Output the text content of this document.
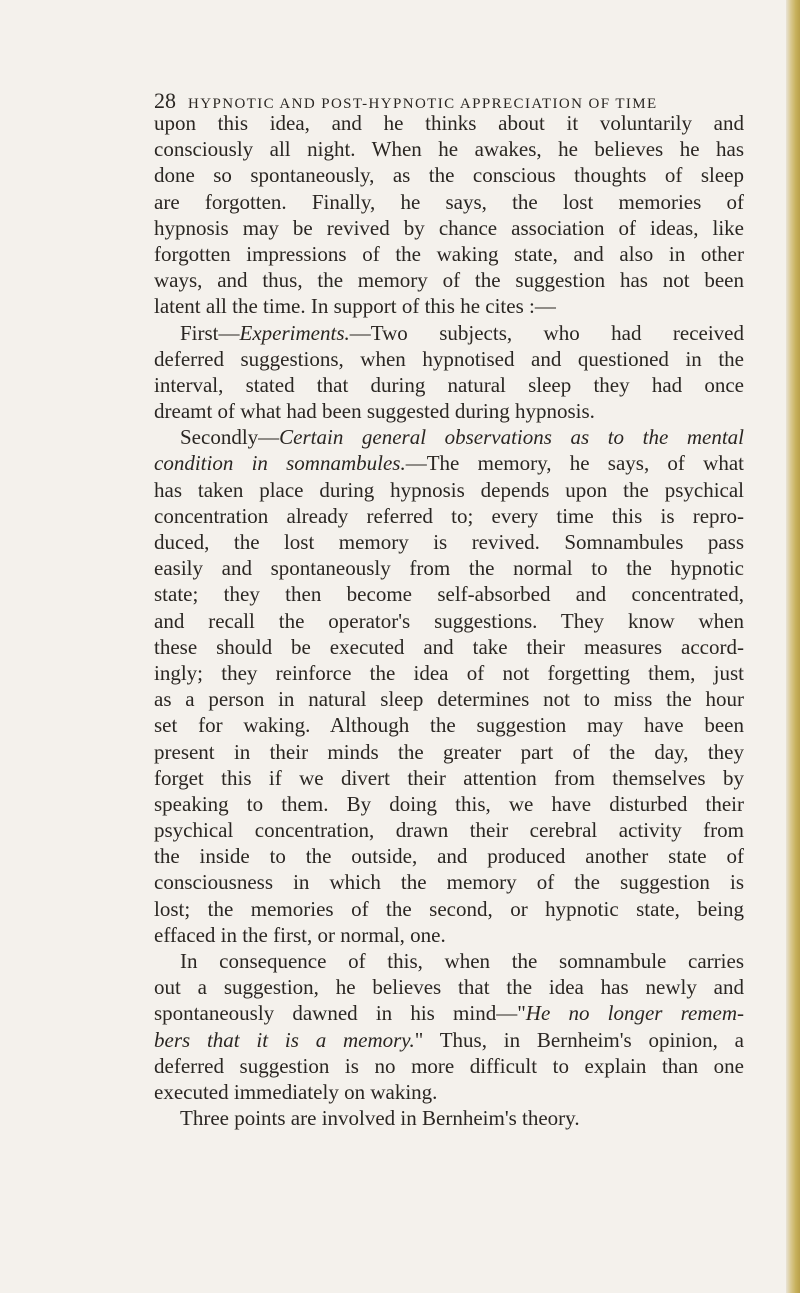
28 HYPNOTIC AND POST-HYPNOTIC APPRECIATION OF TIME
upon this idea, and he thinks about it voluntarily and
consciously all night. When he awakes, he believes he has
done so spontaneously, as the conscious thoughts of sleep
are forgotten. Finally, he says, the lost memories of
hypnosis may be revived by chance association of ideas, like
forgotten impressions of the waking state, and also in other
ways, and thus, the memory of the suggestion has not been
latent all the time. In support of this he cites :—
First—Experiments.—Two subjects, who had received
deferred suggestions, when hypnotised and questioned in the
interval, stated that during natural sleep they had once
dreamt of what had been suggested during hypnosis.
Secondly—Certain general observations as to the mental
condition in somnambules.—The memory, he says, of what
has taken place during hypnosis depends upon the psychical
concentration already referred to; every time this is repro-
duced, the lost memory is revived. Somnambules pass
easily and spontaneously from the normal to the hypnotic
state; they then become self-absorbed and concentrated,
and recall the operator's suggestions. They know when
these should be executed and take their measures accord-
ingly; they reinforce the idea of not forgetting them, just
as a person in natural sleep determines not to miss the hour
set for waking. Although the suggestion may have been
present in their minds the greater part of the day, they
forget this if we divert their attention from themselves by
speaking to them. By doing this, we have disturbed their
psychical concentration, drawn their cerebral activity from
the inside to the outside, and produced another state of
consciousness in which the memory of the suggestion is
lost; the memories of the second, or hypnotic state, being
effaced in the first, or normal, one.
In consequence of this, when the somnambule carries
out a suggestion, he believes that the idea has newly and
spontaneously dawned in his mind—"He no longer remem-
bers that it is a memory." Thus, in Bernheim's opinion, a
deferred suggestion is no more difficult to explain than one
executed immediately on waking.
Three points are involved in Bernheim's theory.
